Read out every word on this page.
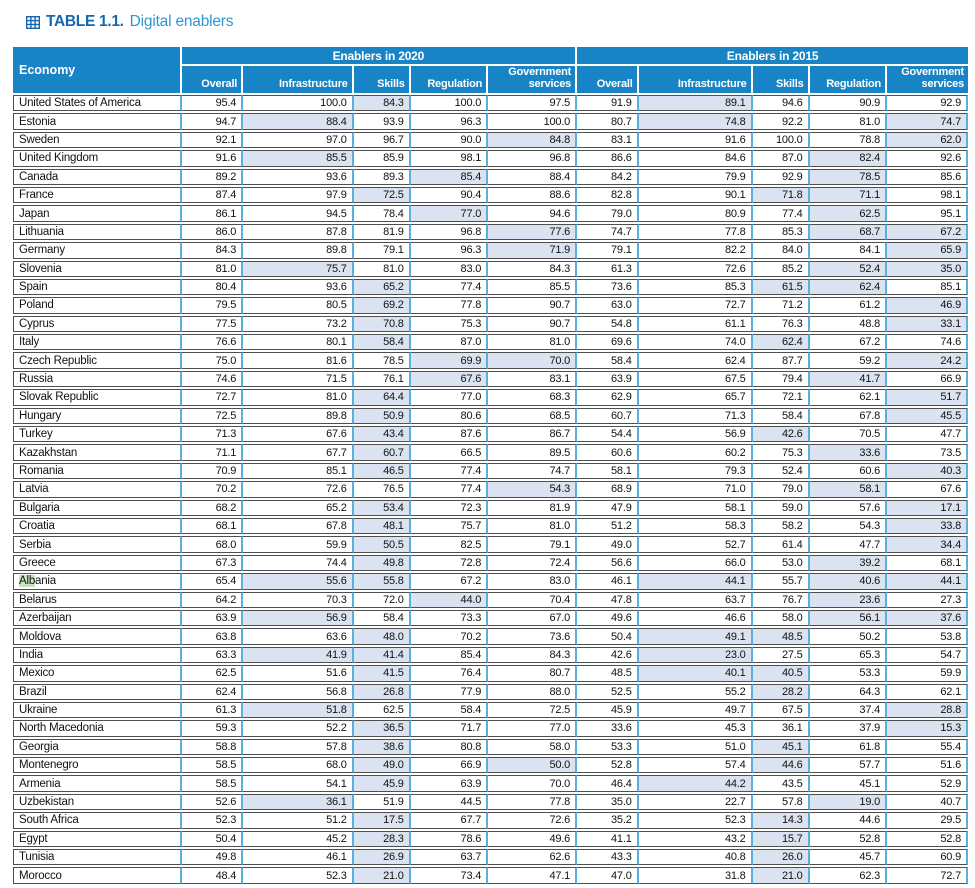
TABLE 1.1. Digital enablers
Economy	Enablers in 2020					Enablers in 2015				
	Overall	Infrastructure	Skills	Regulation	Government services	Overall	Infrastructure	Skills	Regulation	Government services
United States of America	95.4	100.0	84.3	100.0	97.5	91.9	89.1	94.6	90.9	92.9
Estonia	94.7	88.4	93.9	96.3	100.0	80.7	74.8	92.2	81.0	74.7
Sweden	92.1	97.0	96.7	90.0	84.8	83.1	91.6	100.0	78.8	62.0
United Kingdom	91.6	85.5	85.9	98.1	96.8	86.6	84.6	87.0	82.4	92.6
Canada	89.2	93.6	89.3	85.4	88.4	84.2	79.9	92.9	78.5	85.6
France	87.4	97.9	72.5	90.4	88.6	82.8	90.1	71.8	71.1	98.1
Japan	86.1	94.5	78.4	77.0	94.6	79.0	80.9	77.4	62.5	95.1
Lithuania	86.0	87.8	81.9	96.8	77.6	74.7	77.8	85.3	68.7	67.2
Germany	84.3	89.8	79.1	96.3	71.9	79.1	82.2	84.0	84.1	65.9
Slovenia	81.0	75.7	81.0	83.0	84.3	61.3	72.6	85.2	52.4	35.0
Spain	80.4	93.6	65.2	77.4	85.5	73.6	85.3	61.5	62.4	85.1
Poland	79.5	80.5	69.2	77.8	90.7	63.0	72.7	71.2	61.2	46.9
Cyprus	77.5	73.2	70.8	75.3	90.7	54.8	61.1	76.3	48.8	33.1
Italy	76.6	80.1	58.4	87.0	81.0	69.6	74.0	62.4	67.2	74.6
Czech Republic	75.0	81.6	78.5	69.9	70.0	58.4	62.4	87.7	59.2	24.2
Russia	74.6	71.5	76.1	67.6	83.1	63.9	67.5	79.4	41.7	66.9
Slovak Republic	72.7	81.0	64.4	77.0	68.3	62.9	65.7	72.1	62.1	51.7
Hungary	72.5	89.8	50.9	80.6	68.5	60.7	71.3	58.4	67.8	45.5
Turkey	71.3	67.6	43.4	87.6	86.7	54.4	56.9	42.6	70.5	47.7
Kazakhstan	71.1	67.7	60.7	66.5	89.5	60.6	60.2	75.3	33.6	73.5
Romania	70.9	85.1	46.5	77.4	74.7	58.1	79.3	52.4	60.6	40.3
Latvia	70.2	72.6	76.5	77.4	54.3	68.9	71.0	79.0	58.1	67.6
Bulgaria	68.2	65.2	53.4	72.3	81.9	47.9	58.1	59.0	57.6	17.1
Croatia	68.1	67.8	48.1	75.7	81.0	51.2	58.3	58.2	54.3	33.8
Serbia	68.0	59.9	50.5	82.5	79.1	49.0	52.7	61.4	47.7	34.4
Greece	67.3	74.4	49.8	72.8	72.4	56.6	66.0	53.0	39.2	68.1
Albania	65.4	55.6	55.8	67.2	83.0	46.1	44.1	55.7	40.6	44.1
Belarus	64.2	70.3	72.0	44.0	70.4	47.8	63.7	76.7	23.6	27.3
Azerbaijan	63.9	56.9	58.4	73.3	67.0	49.6	46.6	58.0	56.1	37.6
Moldova	63.8	63.6	48.0	70.2	73.6	50.4	49.1	48.5	50.2	53.8
India	63.3	41.9	41.4	85.4	84.3	42.6	23.0	27.5	65.3	54.7
Mexico	62.5	51.6	41.5	76.4	80.7	48.5	40.1	40.5	53.3	59.9
Brazil	62.4	56.8	26.8	77.9	88.0	52.5	55.2	28.2	64.3	62.1
Ukraine	61.3	51.8	62.5	58.4	72.5	45.9	49.7	67.5	37.4	28.8
North Macedonia	59.3	52.2	36.5	71.7	77.0	33.6	45.3	36.1	37.9	15.3
Georgia	58.8	57.8	38.6	80.8	58.0	53.3	51.0	45.1	61.8	55.4
Montenegro	58.5	68.0	49.0	66.9	50.0	52.8	57.4	44.6	57.7	51.6
Armenia	58.5	54.1	45.9	63.9	70.0	46.4	44.2	43.5	45.1	52.9
Uzbekistan	52.6	36.1	51.9	44.5	77.8	35.0	22.7	57.8	19.0	40.7
South Africa	52.3	51.2	17.5	67.7	72.6	35.2	52.3	14.3	44.6	29.5
Egypt	50.4	45.2	28.3	78.6	49.6	41.1	43.2	15.7	52.8	52.8
Tunisia	49.8	46.1	26.9	63.7	62.6	43.3	40.8	26.0	45.7	60.9
Morocco	48.4	52.3	21.0	73.4	47.1	47.0	31.8	21.0	62.3	72.7
